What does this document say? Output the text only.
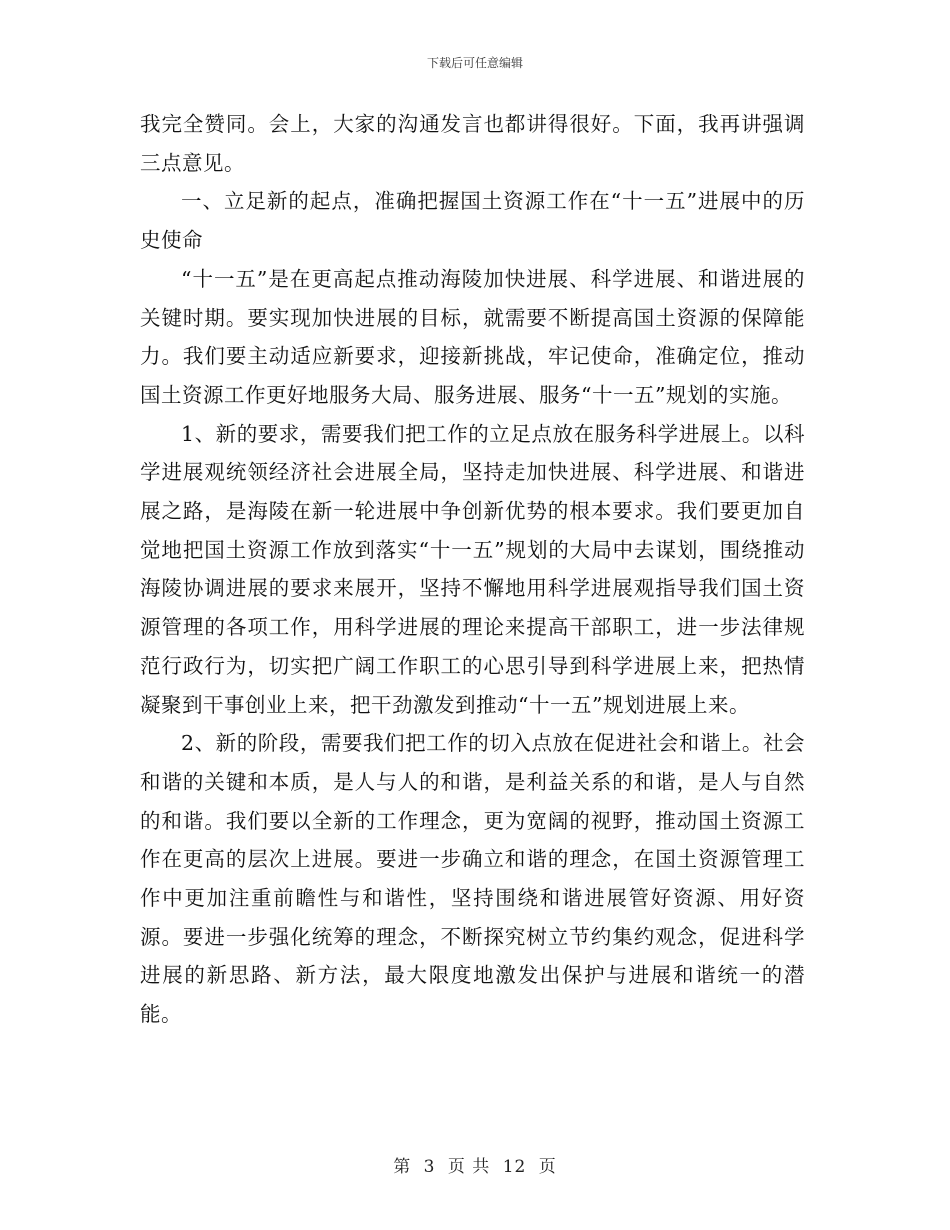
下载后可任意编辑

我完全赞同。会上，大家的沟通发言也都讲得很好。下面，我再讲强调三点意见。

一、立足新的起点，准确把握国土资源工作在“十一五”进展中的历史使命

“十一五”是在更高起点推动海陵加快进展、科学进展、和谐进展的关键时期。要实现加快进展的目标，就需要不断提高国土资源的保障能力。我们要主动适应新要求，迎接新挑战，牢记使命，准确定位，推动国土资源工作更好地服务大局、服务进展、服务“十一五”规划的实施。

1、新的要求，需要我们把工作的立足点放在服务科学进展上。以科学进展观统领经济社会进展全局，坚持走加快进展、科学进展、和谐进展之路，是海陵在新一轮进展中争创新优势的根本要求。我们要更加自觉地把国土资源工作放到落实“十一五”规划的大局中去谋划，围绕推动海陵协调进展的要求来展开，坚持不懈地用科学进展观指导我们国土资源管理的各项工作，用科学进展的理论来提高干部职工，进一步法律规范行政行为，切实把广阔工作职工的心思引导到科学进展上来，把热情凝聚到干事创业上来，把干劲激发到推动“十一五”规划进展上来。

2、新的阶段，需要我们把工作的切入点放在促进社会和谐上。社会和谐的关键和本质，是人与人的和谐，是利益关系的和谐，是人与自然的和谐。我们要以全新的工作理念，更为宽阔的视野，推动国土资源工作在更高的层次上进展。要进一步确立和谐的理念，在国土资源管理工作中更加注重前瞻性与和谐性，坚持围绕和谐进展管好资源、用好资源。要进一步强化统筹的理念，不断探究树立节约集约观念，促进科学进展的新思路、新方法，最大限度地激发出保护与进展和谐统一的潜能。

第 3 页 共 12 页
